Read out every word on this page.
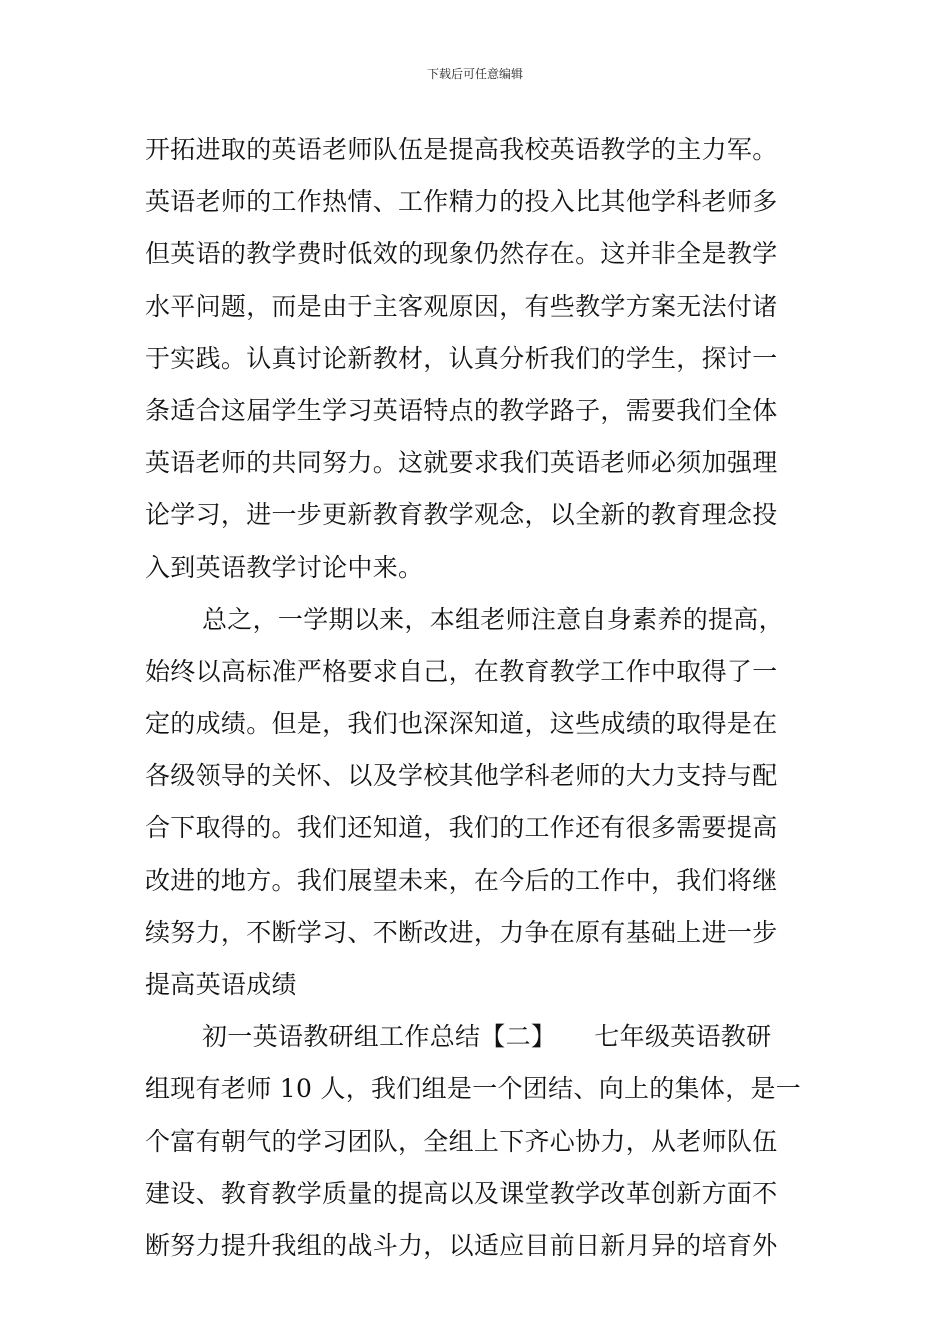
下载后可任意编辑
开拓进取的英语老师队伍是提高我校英语教学的主力军。
英语老师的工作热情、工作精力的投入比其他学科老师多
但英语的教学费时低效的现象仍然存在。这并非全是教学
水平问题，而是由于主客观原因，有些教学方案无法付诸
于实践。认真讨论新教材，认真分析我们的学生，探讨一
条适合这届学生学习英语特点的教学路子，需要我们全体
英语老师的共同努力。这就要求我们英语老师必须加强理
论学习，进一步更新教育教学观念，以全新的教育理念投
入到英语教学讨论中来。
总之，一学期以来，本组老师注意自身素养的提高，
始终以高标准严格要求自己，在教育教学工作中取得了一
定的成绩。但是，我们也深深知道，这些成绩的取得是在
各级领导的关怀、以及学校其他学科老师的大力支持与配
合下取得的。我们还知道，我们的工作还有很多需要提高
改进的地方。我们展望未来，在今后的工作中，我们将继
续努力，不断学习、不断改进，力争在原有基础上进一步
提高英语成绩
初一英语教研组工作总结【二】　　七年级英语教研
组现有老师 10 人，我们组是一个团结、向上的集体，是一
个富有朝气的学习团队，全组上下齐心协力，从老师队伍
建设、教育教学质量的提高以及课堂教学改革创新方面不
断努力提升我组的战斗力，以适应目前日新月异的培育外
